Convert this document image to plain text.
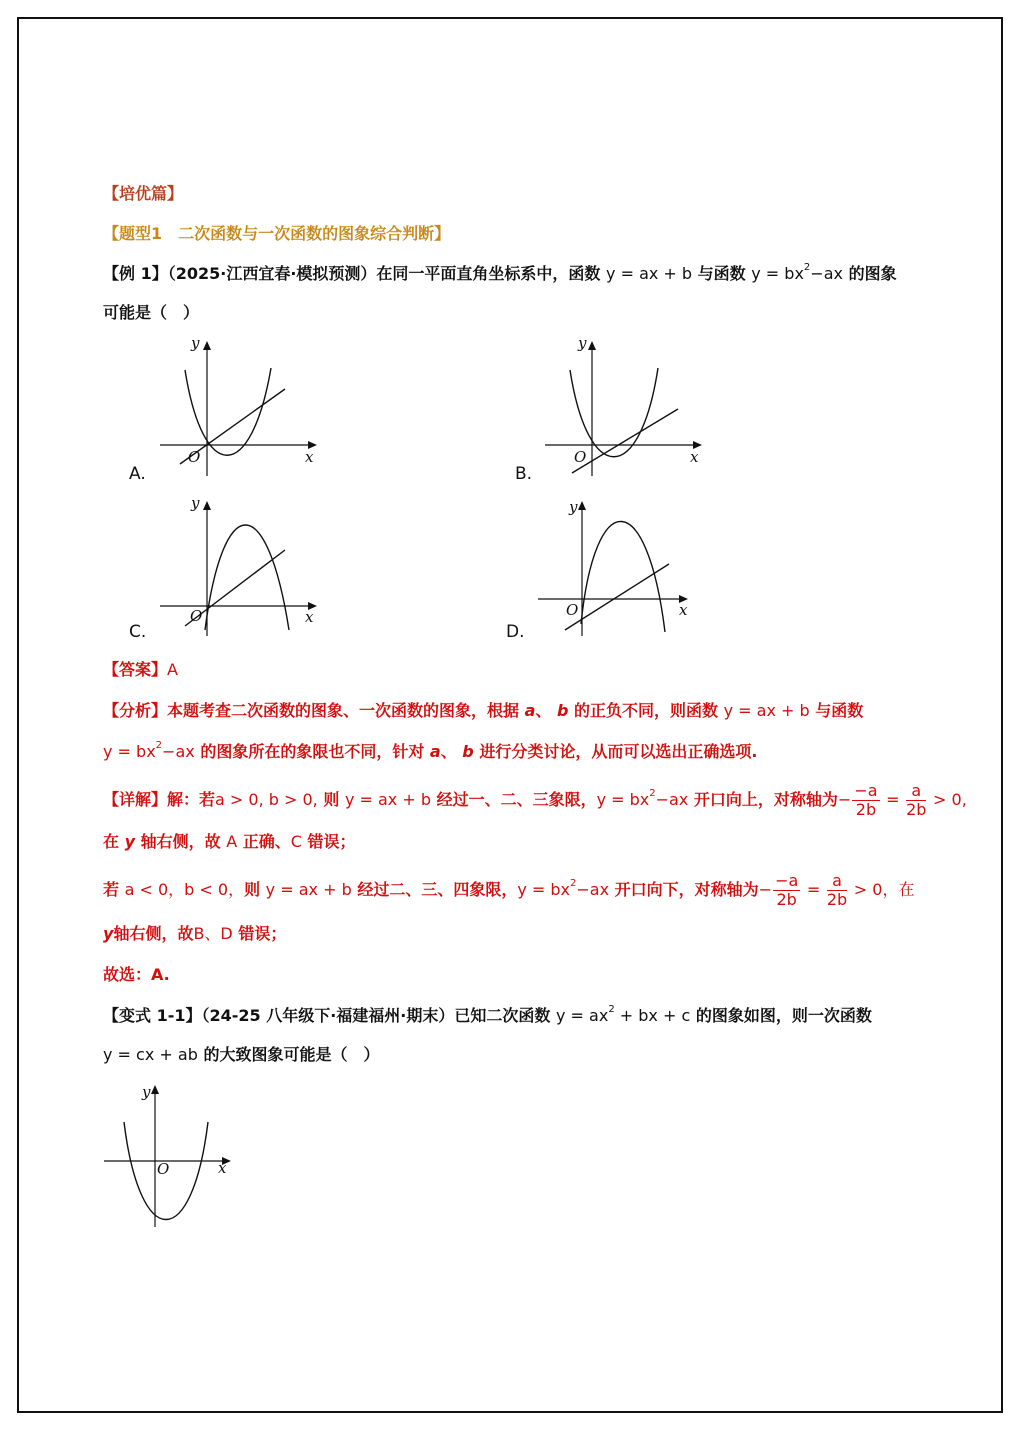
【培优篇】
【题型1　二次函数与一次函数的图象综合判断】
【例 1】（2025·江西宜春·模拟预测）在同一平面直角坐标系中，函数 y = ax + b 与函数 $y = bx^2-ax$ 的图象
可能是（　）
y
x
O
A.
y
x
O
B.
y
x
O
C.
y
x
O
D.
【答案】A
【分析】本题考查二次函数的图象、一次函数的图象，根据 a、 b 的正负不同，则函数 y = ax + b 与函数
$y = bx^2-ax$ 的图象所在的象限也不同，针对 a、 b 进行分类讨论，从而可以选出正确选项.
【详解】解：若a > 0, b > 0, 则 y = ax + b 经过一、二、三象限，$y = bx^2-ax$ 开口向上，对称轴为− $\frac{-a}{2b} = \frac{a}{2b} > 0$,
在 y 轴右侧，故 A 正确、C 错误；
若 a < 0，b < 0，则 y = ax + b 经过二、三、四象限，$y = bx^2-ax$ 开口向下，对称轴为− $\frac{-a}{2b} = \frac{a}{2b} > 0$，在
y轴右侧，故B、D 错误；
故选：A.
【变式 1-1】（24-25 八年级下·福建福州·期末）已知二次函数 $y = ax^2$ + bx + c 的图象如图，则一次函数
y = cx + ab 的大致图象可能是（　）
y
x
O
